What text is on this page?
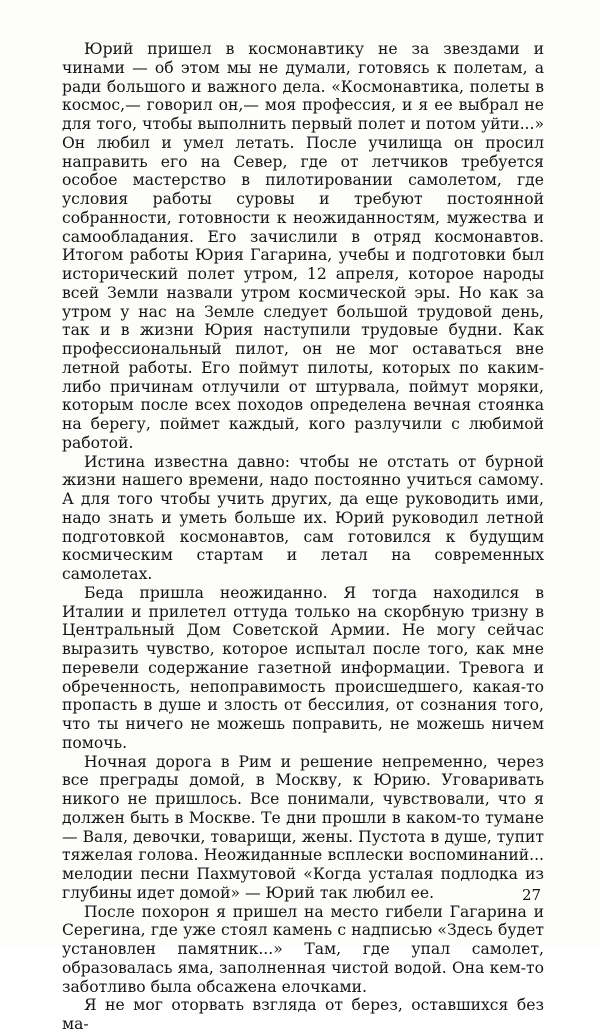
Юрий пришел в космонавтику не за звездами и чинами — об этом мы не думали, готовясь к полетам, а ради большого и важного дела. «Космонавтика, полеты в космос,— говорил он,— моя профессия, и я ее выбрал не для того, чтобы выполнить первый полет и потом уйти...» Он любил и умел летать. После училища он просил направить его на Север, где от летчиков требуется особое мастерство в пилотировании самолетом, где условия работы суровы и требуют постоянной собранности, готовности к неожиданностям, мужества и самообладания. Его зачислили в отряд космонавтов. Итогом работы Юрия Гагарина, учебы и подготовки был исторический полет утром, 12 апреля, которое народы всей Земли назвали утром космической эры. Но как за утром у нас на Земле следует большой трудовой день, так и в жизни Юрия наступили трудовые будни. Как профессиональный пилот, он не мог оставаться вне летной работы. Его поймут пилоты, которых по каким-либо причинам отлучили от штурвала, поймут моряки, которым после всех походов определена вечная стоянка на берегу, поймет каждый, кого разлучили с любимой работой.

Истина известна давно: чтобы не отстать от бурной жизни нашего времени, надо постоянно учиться самому. А для того чтобы учить других, да еще руководить ими, надо знать и уметь больше их. Юрий руководил летной подготовкой космонавтов, сам готовился к будущим космическим стартам и летал на современных самолетах.

Беда пришла неожиданно. Я тогда находился в Италии и прилетел оттуда только на скорбную тризну в Центральный Дом Советской Армии. Не могу сейчас выразить чувство, которое испытал после того, как мне перевели содержание газетной информации. Тревога и обреченность, непоправимость происшедшего, какая-то пропасть в душе и злость от бессилия, от сознания того, что ты ничего не можешь поправить, не можешь ничем помочь.

Ночная дорога в Рим и решение непременно, через все преграды домой, в Москву, к Юрию. Уговаривать никого не пришлось. Все понимали, чувствовали, что я должен быть в Москве. Те дни прошли в каком-то тумане — Валя, девочки, товарищи, жены. Пустота в душе, тупит тяжелая голова. Неожиданные всплески воспоминаний... мелодии песни Пахмутовой «Когда усталая подлодка из глубины идет домой» — Юрий так любил ее.

После похорон я пришел на место гибели Гагарина и Серегина, где уже стоял камень с надписью «Здесь будет установлен памятник...» Там, где упал самолет, образовалась яма, заполненная чистой водой. Она кем-то заботливо была обсажена елочками.

Я не мог оторвать взгляда от берез, оставшихся без ма-

27
